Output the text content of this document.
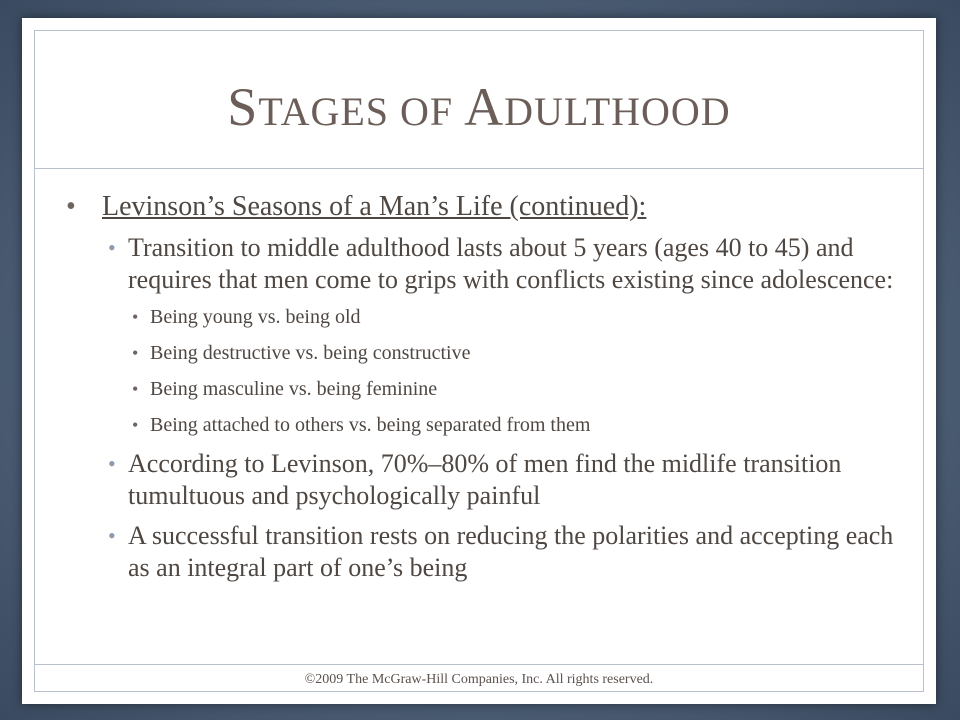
STAGES OF ADULTHOOD
• Levinson’s Seasons of a Man’s Life (continued):
• Transition to middle adulthood lasts about 5 years (ages 40 to 45) and requires that men come to grips with conflicts existing since adolescence:
• Being young vs. being old
• Being destructive vs. being constructive
• Being masculine vs. being feminine
• Being attached to others vs. being separated from them
• According to Levinson, 70%–80% of men find the midlife transition tumultuous and psychologically painful
• A successful transition rests on reducing the polarities and accepting each as an integral part of one’s being
©2009 The McGraw-Hill Companies, Inc. All rights reserved.
